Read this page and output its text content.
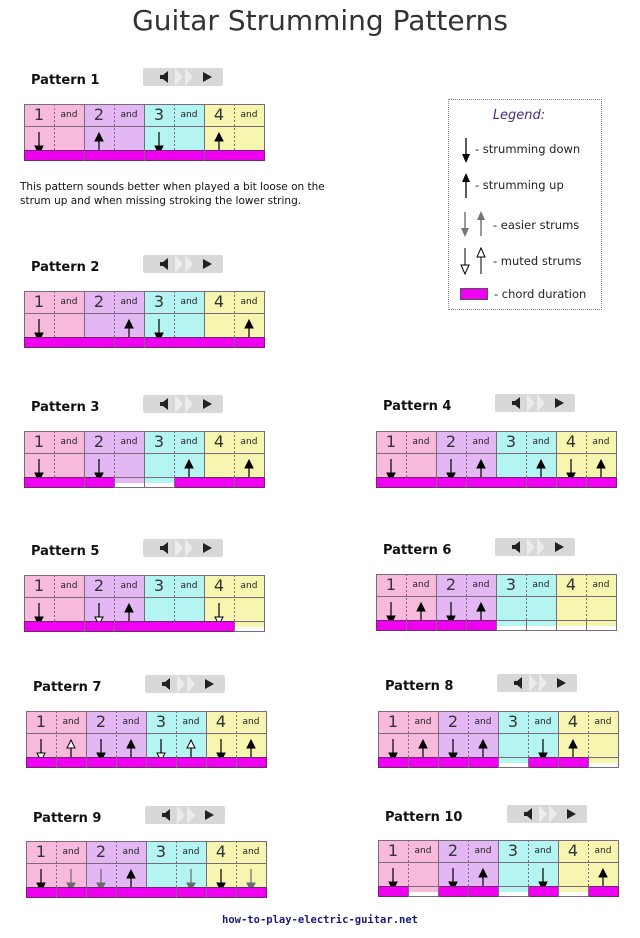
Guitar Strumming Patterns
Pattern 1
1	and	2	and	3	and	4	and
Pattern 2
1	and	2	and	3	and	4	and
Pattern 3
1	and	2	and	3	and	4	and
Pattern 4
1	and	2	and	3	and	4	and
Pattern 5
1	and	2	and	3	and	4	and
Pattern 6
1	and	2	and	3	and	4	and
Pattern 7
1	and	2	and	3	and	4	and
Pattern 8
1	and	2	and	3	and	4	and
Pattern 9
1	and	2	and	3	and	4	and
Pattern 10
1	and	2	and	3	and	4	and
This pattern sounds better when played a bit loose on the strum up and when missing stroking the lower string.
Legend:
- strumming down
- strumming up
- easier strums
- muted strums
- chord duration
how-to-play-electric-guitar.net
